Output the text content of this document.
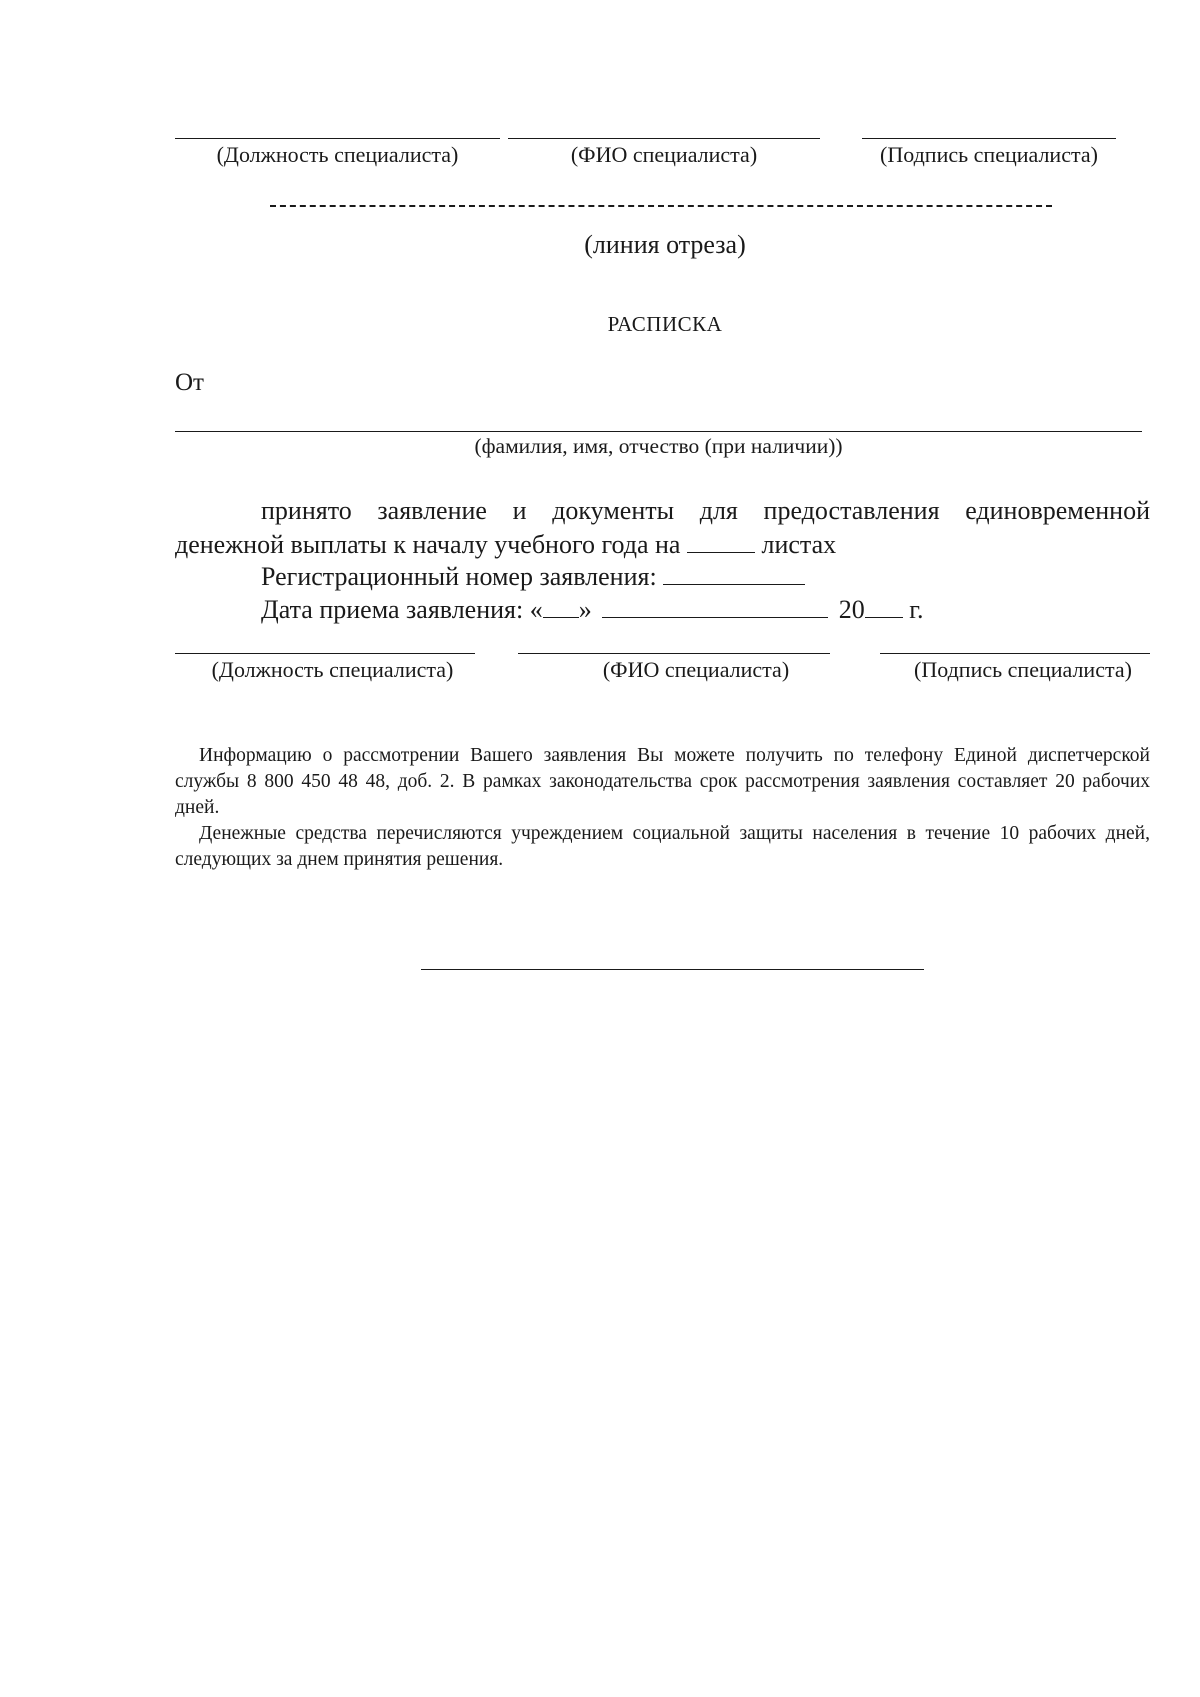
(Должность специалиста)	(ФИО специалиста)	(Подпись специалиста)
(линия отреза)
РАСПИСКА
От
(фамилия, имя, отчество (при наличии))
принято заявление и документы для предоставления единовременной денежной выплаты к началу учебного года на	листах
Регистрационный номер заявления:
Дата приема заявления: « »	20 г.
(Должность специалиста)	(ФИО специалиста)	(Подпись специалиста)

Информацию о рассмотрении Вашего заявления Вы можете получить по телефону Единой диспетчерской службы 8 800 450 48 48, доб. 2. В рамках законодательства срок рассмотрения заявления составляет 20 рабочих дней.

Денежные средства перечисляются учреждением социальной защиты населения в течение 10 рабочих дней, следующих за днем принятия решения.
